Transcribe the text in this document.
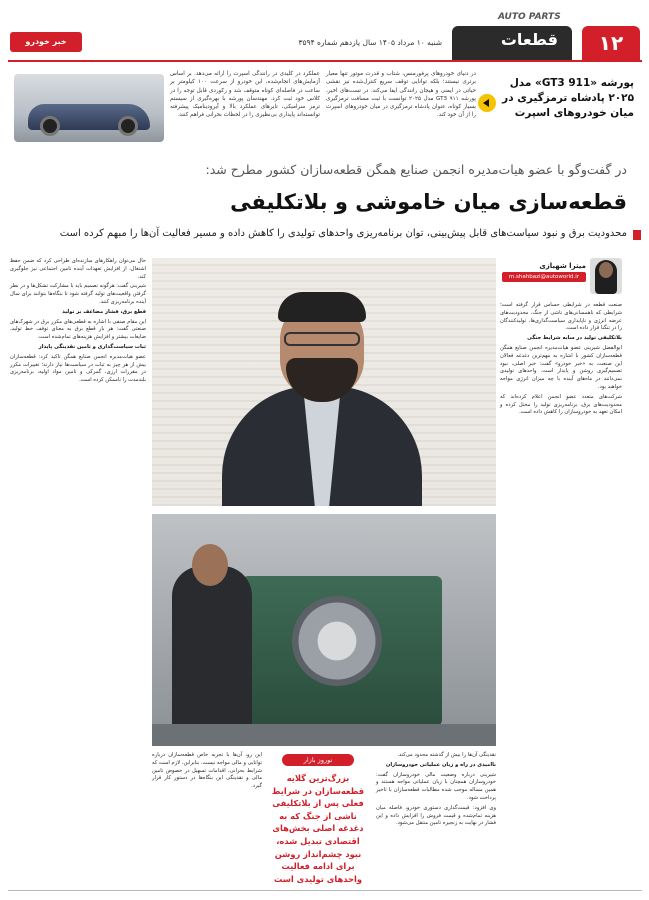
AUTO PARTS
قطعات	۱۲
شنبه ۱۰ مرداد ۱۴۰۵ سال یازدهم شماره ۳۵۹۴
خبر خودرو
پورشه «GT3 911» مدل ۲۰۲۵ پادشاه ترمزگیری در میان خودروهای اسپرت
در دنیای خودروهای پرفورمنس، شتاب و قدرت موتور تنها معیار برتری نیستند؛ بلکه توانایی توقف سریع کنترل‌شده نیز نقشی حیاتی در ایمنی و هیجان رانندگی ایفا می‌کند. در تست‌های اخیر، پورشه ۹۱۱ GT3 مدل ۲۰۲۵ توانست با ثبت مسافت ترمزگیری بسیار کوتاه، عنوان پادشاه ترمزگیری در میان خودروهای اسپرت را از آن خود کند.
عملکرد در کلیدی در رانندگی اسپرت را ارائه می‌دهد. بر اساس آزمایش‌های انجام‌شده، این خودرو از سرعت ۱۰۰ کیلومتر بر ساعت در فاصله‌ای کوتاه متوقف شد و رکوردی قابل توجه را در کلاس خود ثبت کرد. مهندسان پورشه با بهره‌گیری از سیستم ترمز سرامیکی، تایرهای عملکرد بالا و آیرودینامیک پیشرفته توانسته‌اند پایداری بی‌نظیری را در لحظات بحرانی فراهم کنند.
در گفت‌وگو با عضو هیات‌مدیره انجمن صنایع همگن قطعه‌سازان کشور مطرح شد:
قطعه‌سازی میان خاموشی و بلاتکلیفی
محدودیت برق و نبود سیاست‌های قابل پیش‌بینی، توان برنامه‌ریزی واحدهای تولیدی را کاهش داده و مسیر فعالیت آن‌ها را مبهم کرده است
میترا شهبازی
m.shahbazi@autoworld.ir

صنعت قطعه در شرایطی حساس قرار گرفته است؛ شرایطی که ناهمسانی‌های ناشی از جنگ، محدودیت‌های عرضه انرژی و ناپایداری سیاست‌گذاری‌ها، تولیدکنندگان را در تنگنا قرار داده است.

بلاتکلیفی تولید در سایه شرایط جنگی

ابوالفضل شیرینی عضو هیات‌مدیره انجمن صنایع همگن قطعه‌سازان کشور با اشاره به مهم‌ترین دغدغه فعالان این صنعت، به «خبر خودرو» گفت: خبر اصلی، نبود تصمیم‌گیری روشن و پایدار است. واحدهای تولیدی نمی‌دانند در ماه‌های آینده با چه میزان انرژی مواجه خواهند بود.

شرکت‌های متعدد عضو انجمن اعلام کرده‌اند که محدودیت‌های برق، برنامه‌ریزی تولید را مختل کرده و امکان تعهد به خودروسازان را کاهش داده است.

نقدینگی آن‌ها را بیش از گذشته محدود می‌کند.

ناامیدی در راه و زیان عملیاتی خودروسازان

شیرینی درباره وضعیت مالی خودروسازان گفت: خودروسازان همچنان با زیان عملیاتی مواجه هستند و همین مساله موجب شده مطالبات قطعه‌سازان با تاخیر پرداخت شود.

وی افزود: قیمت‌گذاری دستوری خودرو، فاصله میان هزینه تمام‌شده و قیمت فروش را افزایش داده و این فشار در نهایت به زنجیره تامین منتقل می‌شود.

نوروز بازار
بزرگ‌ترین گلایه قطعه‌سازان در شرایط فعلی پس از بلاتکلیفی ناشی از جنگ که به دغدغه اصلی بخش‌های اقتصادی تبدیل شده، نبود چشم‌انداز روشن برای ادامه فعالیت واحدهای تولیدی است

این رو، آن‌ها با تجربه خاص قطعه‌سازان درباره توانایی و مالی مواجه نیست. بنابراین، لازم است که شرایط بحرانی، اقدامات تسهیل در خصوص تامین مالی و نقدینگی این بنگاه‌ها در دستور کار قرار گیرد.

حال می‌توان راهکارهای سازنده‌ای طراحی کرد که ضمن حفظ اشتغال، از افزایش تعهدات آینده تامین اجتماعی نیز جلوگیری کند.

شیرینی گفت: هرگونه تصمیم باید با مشارکت تشکل‌ها و در نظر گرفتن واقعیت‌های تولید گرفته شود تا بنگاه‌ها بتوانند برای سال آینده برنامه‌ریزی کنند.

قطع برق، فشار مضاعف بر تولید

این مقام صنفی با اشاره به قطعی‌های مکرر برق در شهرک‌های صنعتی گفت: هر بار قطع برق به معنای توقف خط تولید، ضایعات بیشتر و افزایش هزینه‌های تمام‌شده است.

ثبات سیاست‌گذاری و تامین نقدینگی پایدار

عضو هیات‌مدیره انجمن صنایع همگن تاکید کرد: قطعه‌سازان بیش از هر چیز به ثبات در سیاست‌ها نیاز دارند؛ تغییرات مکرر در مقررات ارزی، گمرکی و تامین مواد اولیه، برنامه‌ریزی بلندمدت را ناممکن کرده است.
